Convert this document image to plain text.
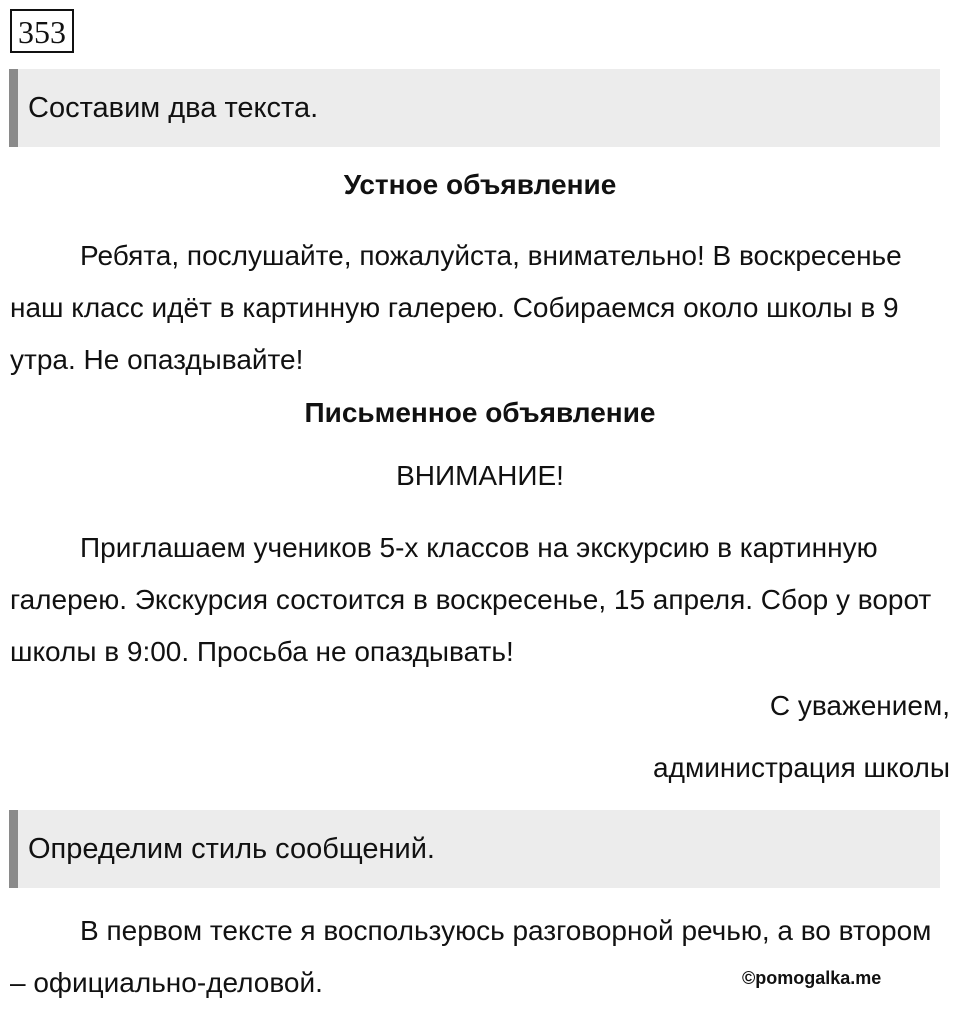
353
Составим два текста.
Устное объявление
Ребята, послушайте, пожалуйста, внимательно! В воскресенье наш класс идёт в картинную галерею. Собираемся около школы в 9 утра. Не опаздывайте!
Письменное объявление
ВНИМАНИЕ!
Приглашаем учеников 5-х классов на экскурсию в картинную галерею. Экскурсия состоится в воскресенье, 15 апреля. Сбор у ворот школы в 9:00. Просьба не опаздывать!
С уважением,
администрация школы
Определим стиль сообщений.
В первом тексте я воспользуюсь разговорной речью, а во втором – официально-деловой.	©pomogalka.me
